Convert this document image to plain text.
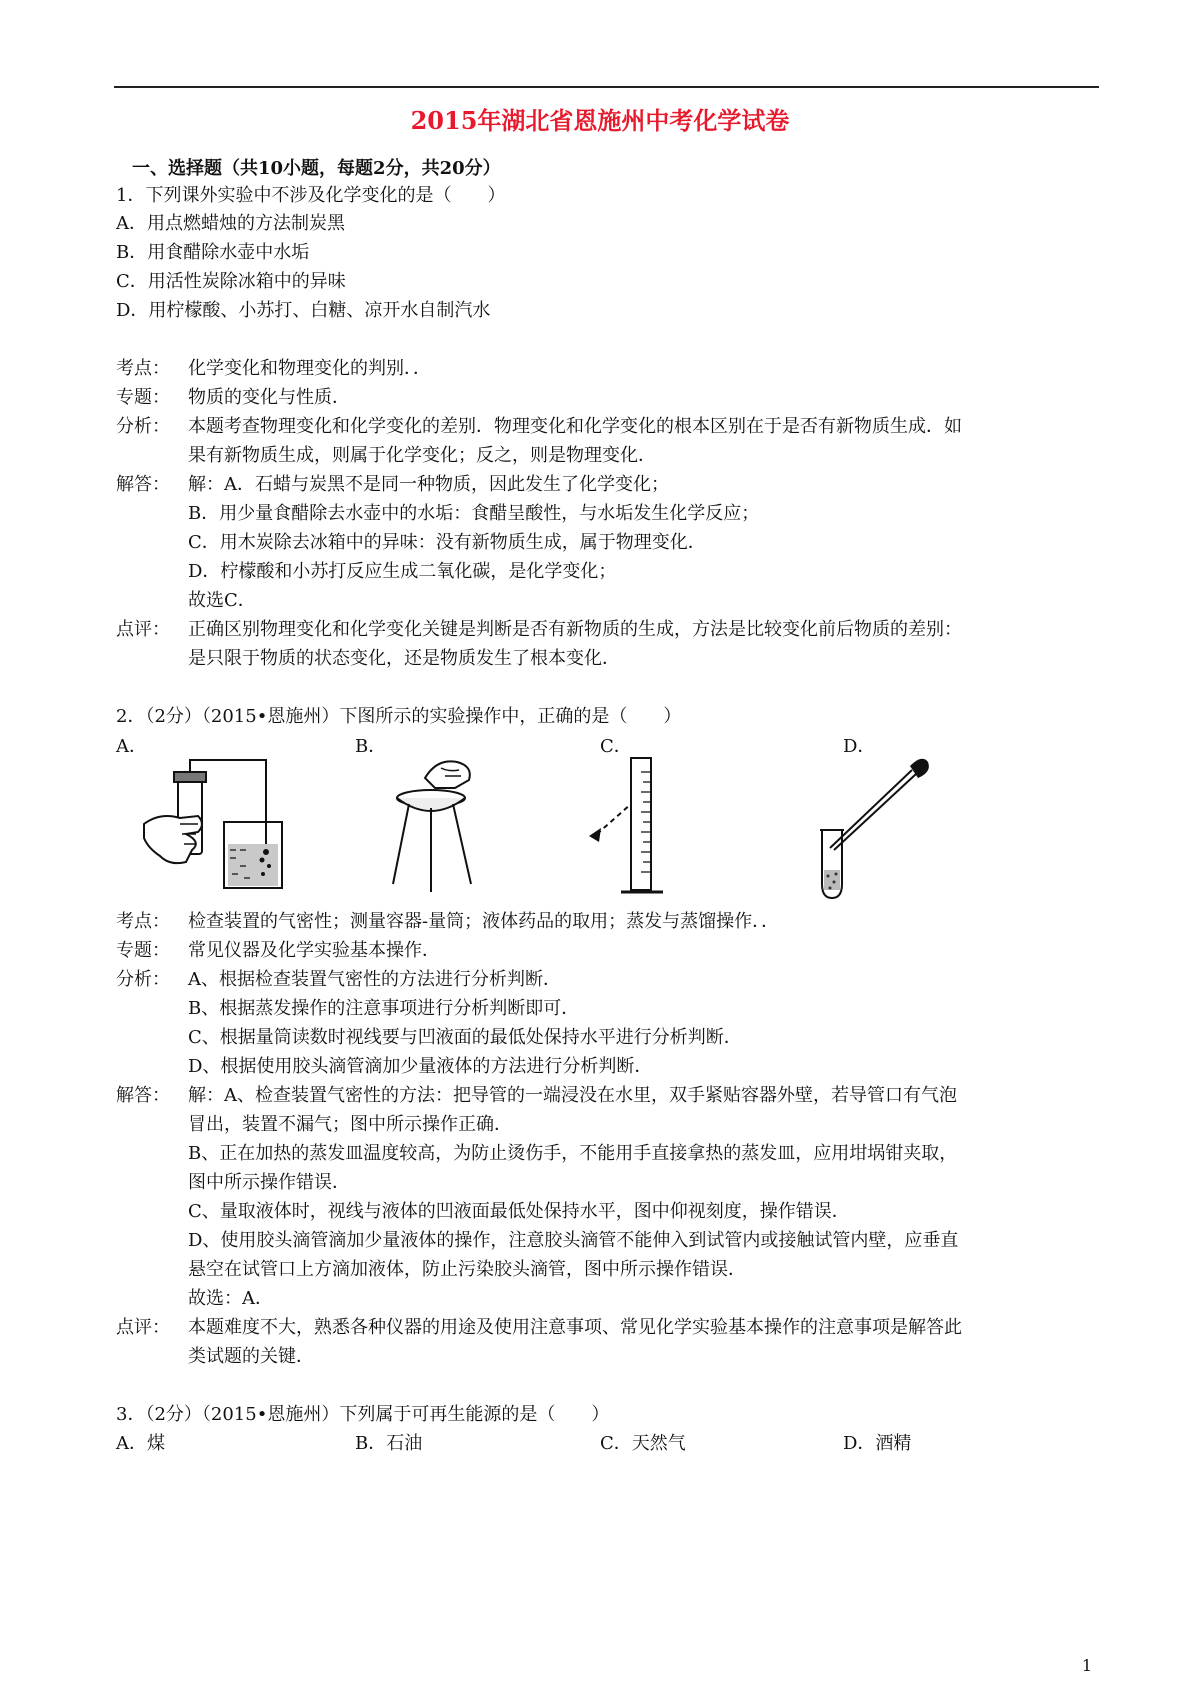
2015年湖北省恩施州中考化学试卷
一、选择题（共10小题，每题2分，共20分）
1．下列课外实验中不涉及化学变化的是（　　）
A．用点燃蜡烛的方法制炭黑
B．用食醋除水壶中水垢
C．用活性炭除冰箱中的异味
D．用柠檬酸、小苏打、白糖、凉开水自制汽水
考点： 化学变化和物理变化的判别．．
专题： 物质的变化与性质．
分析： 本题考查物理变化和化学变化的差别．物理变化和化学变化的根本区别在于是否有新物质生成．如
果有新物质生成，则属于化学变化；反之，则是物理变化．
解答： 解：A．石蜡与炭黑不是同一种物质，因此发生了化学变化；
B．用少量食醋除去水壶中的水垢：食醋呈酸性，与水垢发生化学反应；
C．用木炭除去冰箱中的异味：没有新物质生成，属于物理变化．
D．柠檬酸和小苏打反应生成二氧化碳，是化学变化；
故选C．
点评： 正确区别物理变化和化学变化关键是判断是否有新物质的生成，方法是比较变化前后物质的差别：
是只限于物质的状态变化，还是物质发生了根本变化．
2．（2分）（2015•恩施州）下图所示的实验操作中，正确的是（　　）
A．	B．	C．	D．
考点： 检查装置的气密性；测量容器-量筒；液体药品的取用；蒸发与蒸馏操作．．
专题： 常见仪器及化学实验基本操作．
分析： A、根据检查装置气密性的方法进行分析判断．
B、根据蒸发操作的注意事项进行分析判断即可．
C、根据量筒读数时视线要与凹液面的最低处保持水平进行分析判断．
D、根据使用胶头滴管滴加少量液体的方法进行分析判断．
解答： 解：A、检查装置气密性的方法：把导管的一端浸没在水里，双手紧贴容器外壁，若导管口有气泡
冒出，装置不漏气；图中所示操作正确．
B、正在加热的蒸发皿温度较高，为防止烫伤手，不能用手直接拿热的蒸发皿，应用坩埚钳夹取，
图中所示操作错误．
C、量取液体时，视线与液体的凹液面最低处保持水平，图中仰视刻度，操作错误．
D、使用胶头滴管滴加少量液体的操作，注意胶头滴管不能伸入到试管内或接触试管内壁，应垂直
悬空在试管口上方滴加液体，防止污染胶头滴管，图中所示操作错误．
故选：A．
点评： 本题难度不大，熟悉各种仪器的用途及使用注意事项、常见化学实验基本操作的注意事项是解答此
类试题的关键．
3．（2分）（2015•恩施州）下列属于可再生能源的是（　　）
A．煤	B．石油	C．天然气	D．酒精
1
